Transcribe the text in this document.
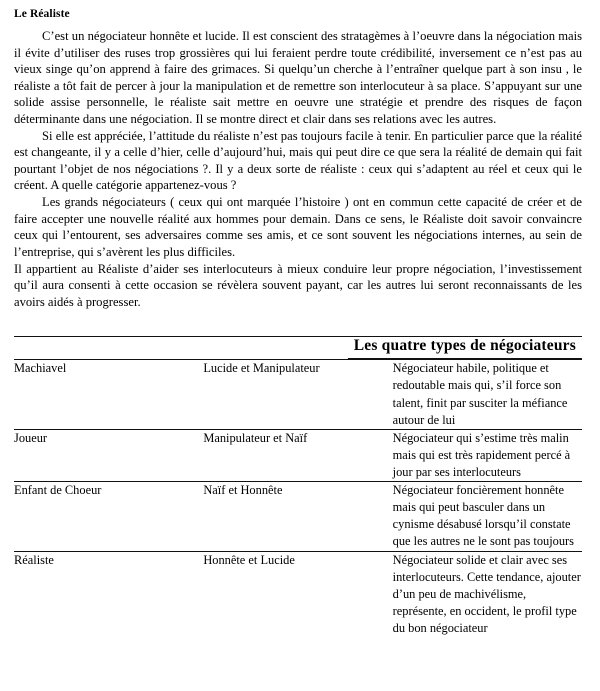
Le Réaliste

C’est un négociateur honnête et lucide. Il est conscient des stratagèmes à l’oeuvre dans la négociation mais il évite d’utiliser des ruses trop grossières qui lui feraient perdre toute crédibilité, inversement ce n’est pas au vieux singe qu’on apprend à faire des grimaces. Si quelqu’un cherche à l’entraîner quelque part à son insu , le réaliste a tôt fait de percer à jour la manipulation et de remettre son interlocuteur à sa place. S’appuyant sur une solide assise personnelle, le réaliste sait mettre en oeuvre une stratégie et prendre des risques de façon déterminante dans une négociation. Il se montre direct et clair dans ses relations avec les autres.

Si elle est appréciée, l’attitude du réaliste n’est pas toujours facile à tenir. En particulier parce que la réalité est changeante, il y a celle d’hier, celle d’aujourd’hui, mais qui peut dire ce que sera la réalité de demain qui fait pourtant l’objet de nos négociations ?. Il y a deux sorte de réaliste : ceux qui s’adaptent au réel et ceux qui le créent. A quelle catégorie appartenez-vous ?

Les grands négociateurs ( ceux qui ont marquée l’histoire ) ont en commun cette capacité de créer et de faire accepter une nouvelle réalité aux hommes pour demain. Dans ce sens, le Réaliste doit savoir convaincre ceux qui l’entourent, ses adversaires comme ses amis, et ce sont souvent les négociations internes, au sein de l’entreprise, qui s’avèrent les plus difficiles.

Il appartient au Réaliste d’aider ses interlocuteurs à mieux conduire leur propre négociation, l’investissement qu’il aura consenti à cette occasion se révèlera souvent payant, car les autres lui seront reconnaissants de les avoirs aidés à progresser.

Les quatre types de négociateurs		
Machiavel	Lucide et Manipulateur	Négociateur habile, politique et redoutable mais qui, s’il force son talent, finit par susciter la méfiance autour de lui
Joueur	Manipulateur et Naïf	Négociateur qui s’estime très malin mais qui est très rapidement percé à jour par ses interlocuteurs
Enfant de Choeur	Naïf et Honnête	Négociateur foncièrement honnête mais qui peut basculer dans un cynisme désabusé lorsqu’il constate que les autres ne le sont pas toujours
Réaliste	Honnête et Lucide	Négociateur solide et clair avec ses interlocuteurs. Cette tendance, ajouter d’un peu de machivélisme, représente, en occident, le profil type du bon négociateur
